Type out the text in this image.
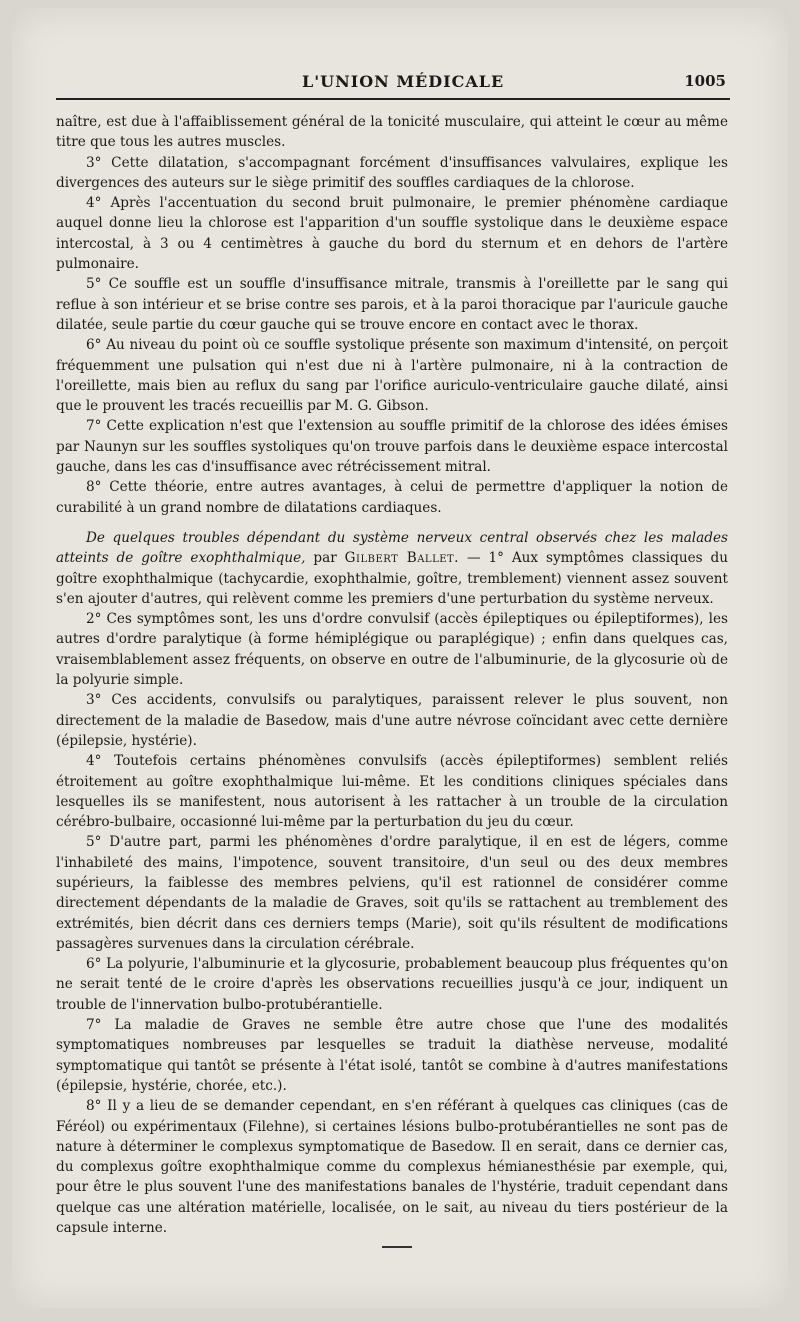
L'UNION MÉDICALE	1005

naître, est due à l'affaiblissement général de la tonicité musculaire, qui atteint le cœur au même titre que tous les autres muscles.

3° Cette dilatation, s'accompagnant forcément d'insuffisances valvulaires, explique les divergences des auteurs sur le siège primitif des souffles cardiaques de la chlorose.

4° Après l'accentuation du second bruit pulmonaire, le premier phénomène cardiaque auquel donne lieu la chlorose est l'apparition d'un souffle systolique dans le deuxième espace intercostal, à 3 ou 4 centimètres à gauche du bord du sternum et en dehors de l'artère pulmonaire.

5° Ce souffle est un souffle d'insuffisance mitrale, transmis à l'oreillette par le sang qui reflue à son intérieur et se brise contre ses parois, et à la paroi thoracique par l'auricule gauche dilatée, seule partie du cœur gauche qui se trouve encore en contact avec le thorax.

6° Au niveau du point où ce souffle systolique présente son maximum d'intensité, on perçoit fréquemment une pulsation qui n'est due ni à l'artère pulmonaire, ni à la contraction de l'oreillette, mais bien au reflux du sang par l'orifice auriculo-ventriculaire gauche dilaté, ainsi que le prouvent les tracés recueillis par M. G. Gibson.

7° Cette explication n'est que l'extension au souffle primitif de la chlorose des idées émises par Naunyn sur les souffles systoliques qu'on trouve parfois dans le deuxième espace intercostal gauche, dans les cas d'insuffisance avec rétrécissement mitral.

8° Cette théorie, entre autres avantages, à celui de permettre d'appliquer la notion de curabilité à un grand nombre de dilatations cardiaques.

De quelques troubles dépendant du système nerveux central observés chez les malades atteints de goître exophthalmique, par Gilbert Ballet. — 1° Aux symptômes classiques du goître exophthalmique (tachycardie, exophthalmie, goître, tremblement) viennent assez souvent s'en ajouter d'autres, qui relèvent comme les premiers d'une perturbation du système nerveux.

2° Ces symptômes sont, les uns d'ordre convulsif (accès épileptiques ou épileptiformes), les autres d'ordre paralytique (à forme hémiplégique ou paraplégique) ; enfin dans quelques cas, vraisemblablement assez fréquents, on observe en outre de l'albuminurie, de la glycosurie où de la polyurie simple.

3° Ces accidents, convulsifs ou paralytiques, paraissent relever le plus souvent, non directement de la maladie de Basedow, mais d'une autre névrose coïncidant avec cette dernière (épilepsie, hystérie).

4° Toutefois certains phénomènes convulsifs (accès épileptiformes) semblent reliés étroitement au goître exophthalmique lui-même. Et les conditions cliniques spéciales dans lesquelles ils se manifestent, nous autorisent à les rattacher à un trouble de la circulation cérébro-bulbaire, occasionné lui-même par la perturbation du jeu du cœur.

5° D'autre part, parmi les phénomènes d'ordre paralytique, il en est de légers, comme l'inhabileté des mains, l'impotence, souvent transitoire, d'un seul ou des deux membres supérieurs, la faiblesse des membres pelviens, qu'il est rationnel de considérer comme directement dépendants de la maladie de Graves, soit qu'ils se rattachent au tremblement des extrémités, bien décrit dans ces derniers temps (Marie), soit qu'ils résultent de modifications passagères survenues dans la circulation cérébrale.

6° La polyurie, l'albuminurie et la glycosurie, probablement beaucoup plus fréquentes qu'on ne serait tenté de le croire d'après les observations recueillies jusqu'à ce jour, indiquent un trouble de l'innervation bulbo-protubérantielle.

7° La maladie de Graves ne semble être autre chose que l'une des modalités symptomatiques nombreuses par lesquelles se traduit la diathèse nerveuse, modalité symptomatique qui tantôt se présente à l'état isolé, tantôt se combine à d'autres manifestations (épilepsie, hystérie, chorée, etc.).

8° Il y a lieu de se demander cependant, en s'en référant à quelques cas cliniques (cas de Féréol) ou expérimentaux (Filehne), si certaines lésions bulbo-protubérantielles ne sont pas de nature à déterminer le complexus symptomatique de Basedow. Il en serait, dans ce dernier cas, du complexus goître exophthalmique comme du complexus hémianesthésie par exemple, qui, pour être le plus souvent l'une des manifestations banales de l'hystérie, traduit cependant dans quelque cas une altération matérielle, localisée, on le sait, au niveau du tiers postérieur de la capsule interne.
